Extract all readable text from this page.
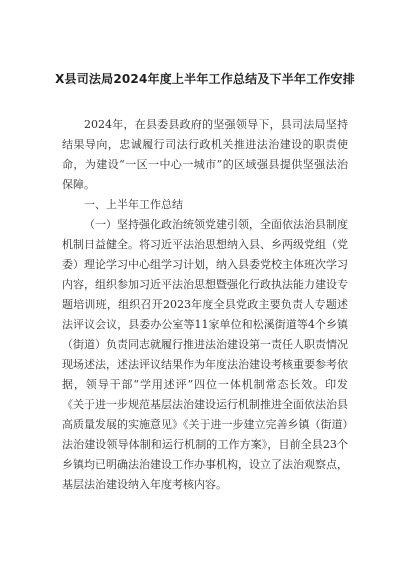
X县司法局2024年度上半年工作总结及下半年工作安排

2024年，在县委县政府的坚强领导下，县司法局坚持结果导向，忠诚履行司法行政机关推进法治建设的职责使命，为建设“一区一中心一城市”的区域强县提供坚强法治保障。

一、上半年工作总结

（一）坚持强化政治统领党建引领，全面依法治县制度机制日益健全。将习近平法治思想纳入县、乡两级党组（党委）理论学习中心组学习计划，纳入县委党校主体班次学习内容，组织参加习近平法治思想暨强化行政执法能力建设专题培训班，组织召开2023年度全县党政主要负责人专题述法评议会议，县委办公室等11家单位和松溪街道等4个乡镇（街道）负责同志就履行推进法治建设第一责任人职责情况现场述法，述法评议结果作为年度法治建设考核重要参考依据，领导干部“学用述评”四位一体机制常态长效。印发《关于进一步规范基层法治建设运行机制推进全面依法治县高质量发展的实施意见》《关于进一步建立完善乡镇（街道）法治建设领导体制和运行机制的工作方案》，目前全县23个乡镇均已明确法治建设工作办事机构，设立了法治观察点，基层法治建设纳入年度考核内容。
